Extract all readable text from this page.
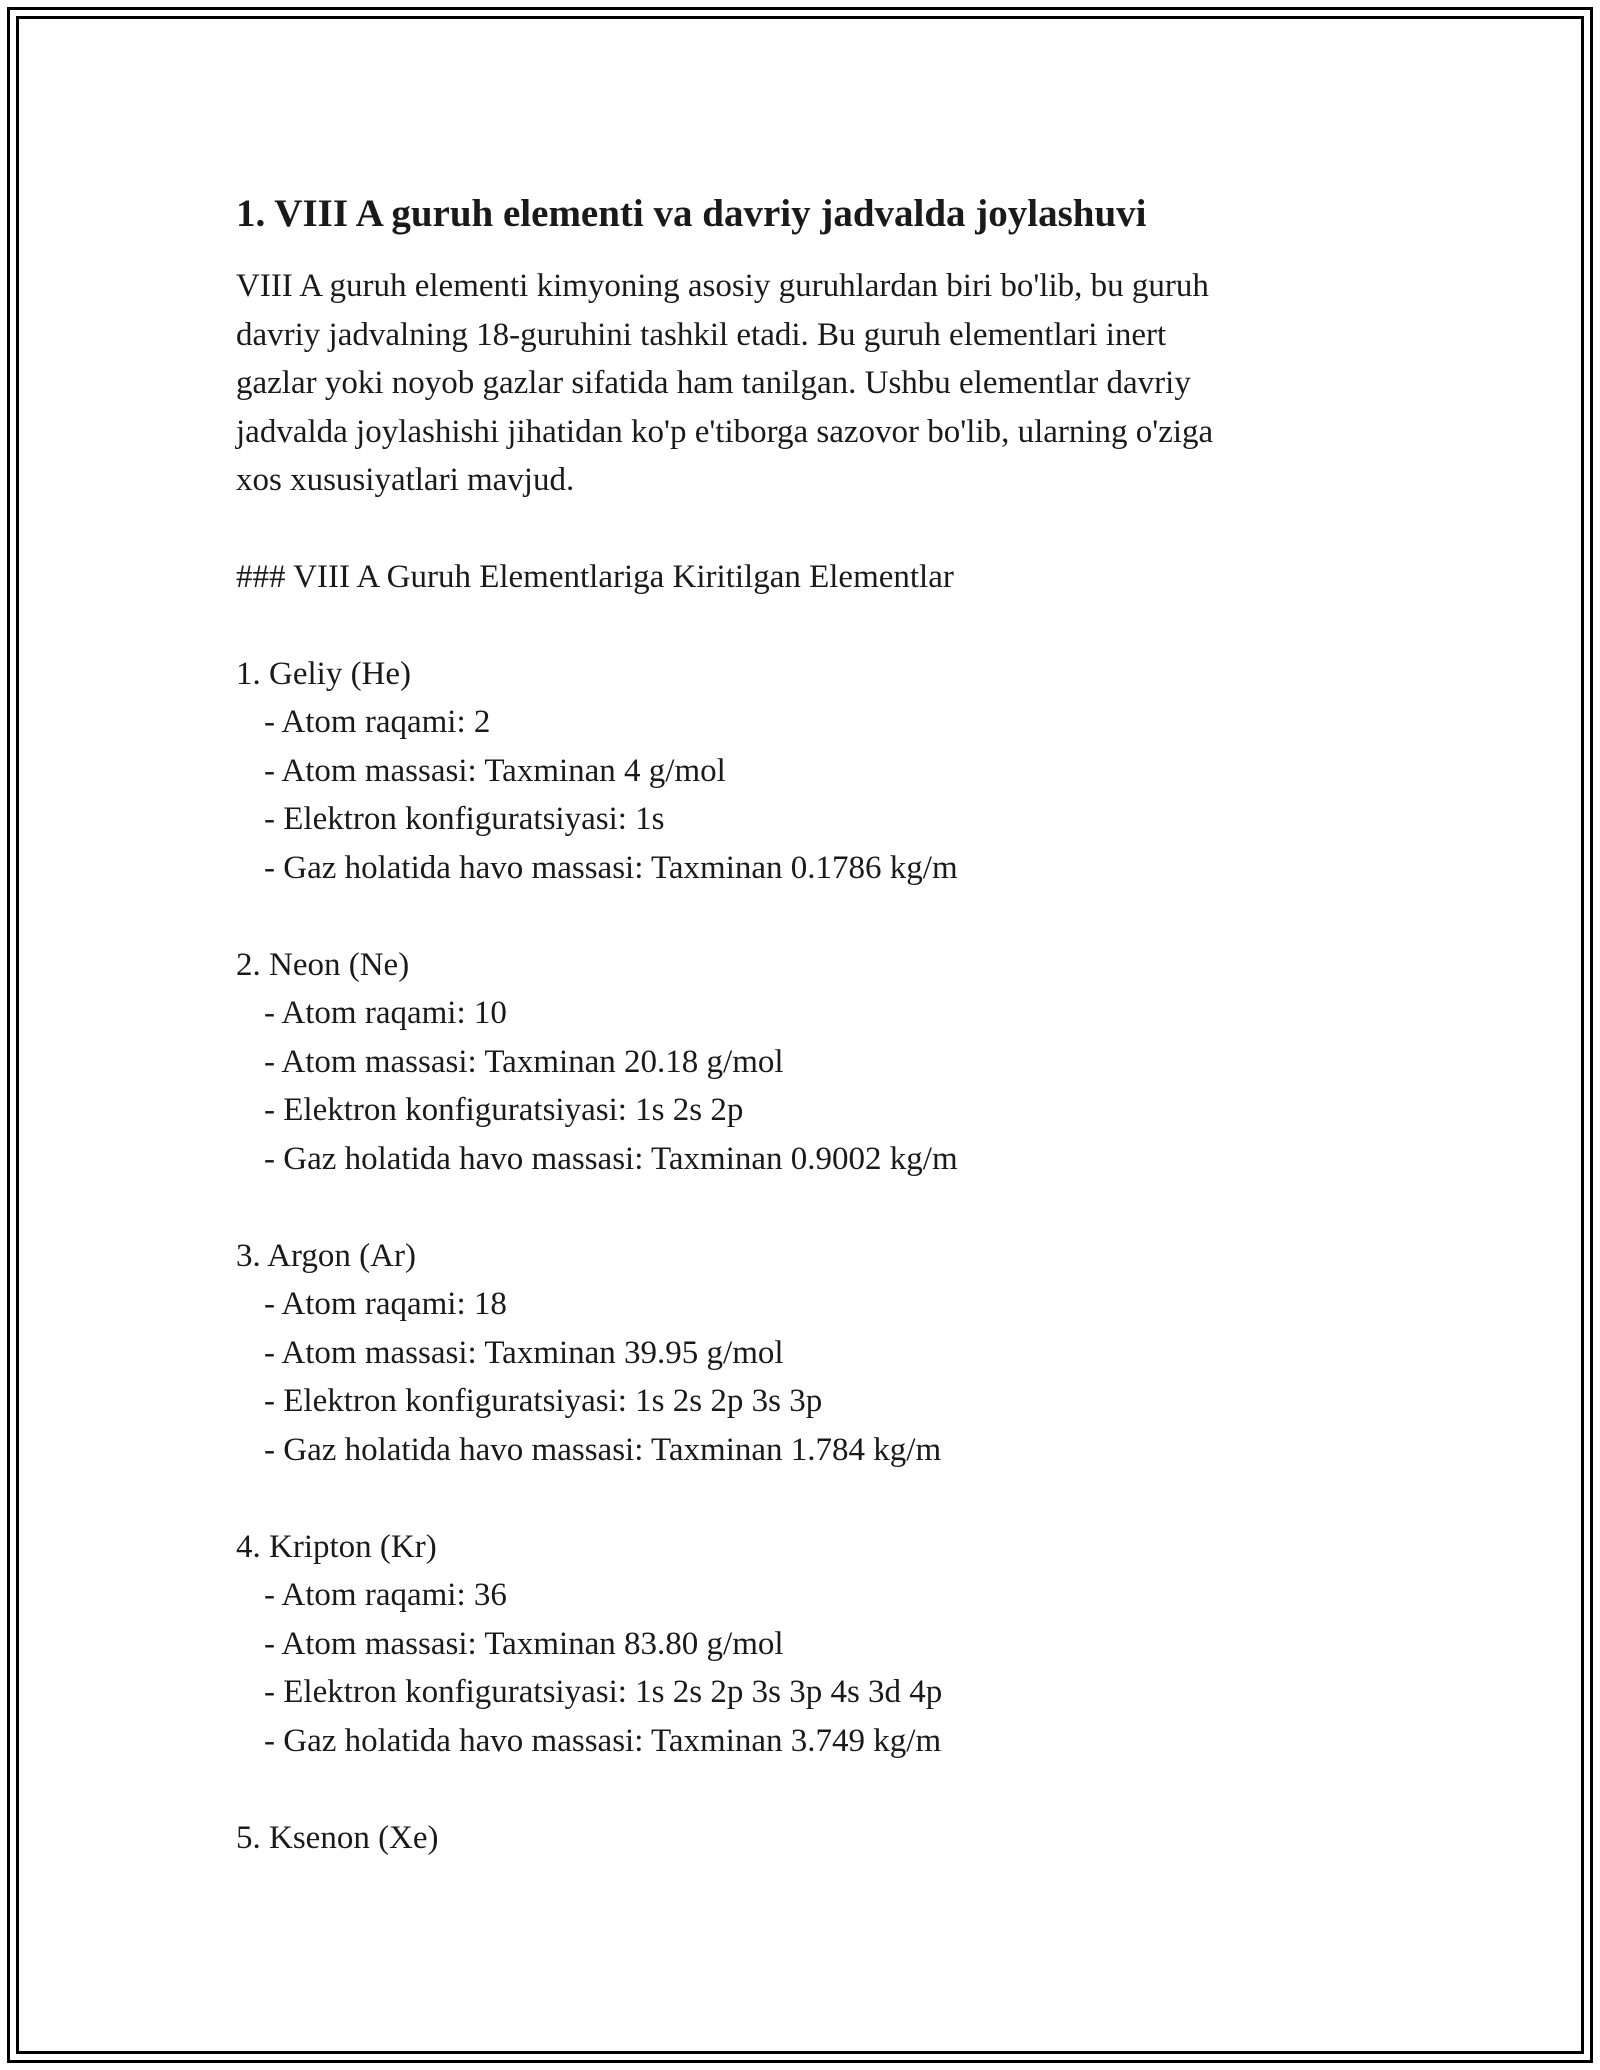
1. VIII A guruh elementi va davriy jadvalda joylashuvi
VIII A guruh elementi kimyoning asosiy guruhlardan biri bo'lib, bu guruh
davriy jadvalning 18-guruhini tashkil etadi. Bu guruh elementlari inert
gazlar yoki noyob gazlar sifatida ham tanilgan. Ushbu elementlar davriy
jadvalda joylashishi jihatidan ko'p e'tiborga sazovor bo'lib, ularning o'ziga
xos xususiyatlari mavjud.
### VIII A Guruh Elementlariga Kiritilgan Elementlar
1. Geliy (He)
- Atom raqami: 2
- Atom massasi: Taxminan 4 g/mol
- Elektron konfiguratsiyasi: 1s
- Gaz holatida havo massasi: Taxminan 0.1786 kg/m
2. Neon (Ne)
- Atom raqami: 10
- Atom massasi: Taxminan 20.18 g/mol
- Elektron konfiguratsiyasi: 1s 2s 2p
- Gaz holatida havo massasi: Taxminan 0.9002 kg/m
3. Argon (Ar)
- Atom raqami: 18
- Atom massasi: Taxminan 39.95 g/mol
- Elektron konfiguratsiyasi: 1s 2s 2p 3s 3p
- Gaz holatida havo massasi: Taxminan 1.784 kg/m
4. Kripton (Kr)
- Atom raqami: 36
- Atom massasi: Taxminan 83.80 g/mol
- Elektron konfiguratsiyasi: 1s 2s 2p 3s 3p 4s 3d 4p
- Gaz holatida havo massasi: Taxminan 3.749 kg/m
5. Ksenon (Xe)
